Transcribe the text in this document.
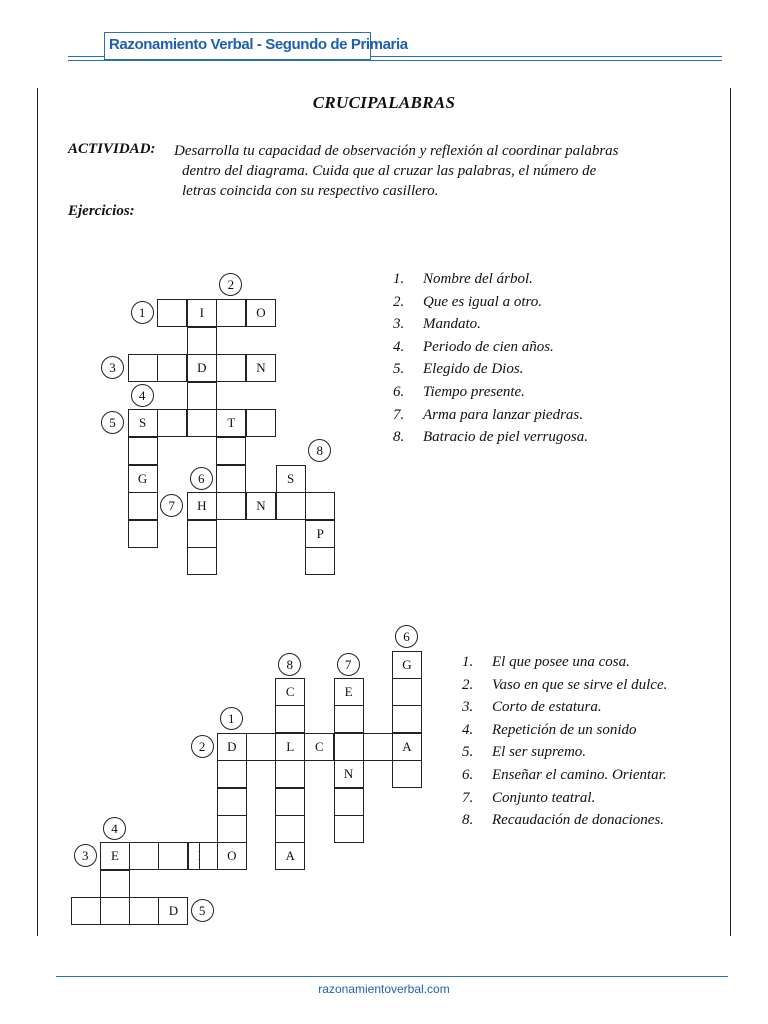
Razonamiento Verbal - Segundo de Primaria
CRUCIPALABRAS
ACTIVIDAD: Desarrolla tu capacidad de observación y reflexión al coordinar palabras

dentro del diagrama. Cuida que al cruzar las palabras, el número de

letras coincida con su respectivo casillero.

Ejercicios:
I	O
D	N
S	T
G	S
H	N
P
2
1
3
4
5
8
6
7
1. Nombre del árbol.
2. Que es igual a otro.
3. Mandato.
4. Periodo de cien años.
5. Elegido de Dios.
6. Tiempo presente.
7. Arma para lanzar piedras.
8. Batracio de piel verrugosa.
C	E
G
D	L	C	A
N
E	O	A
D
6
8	7
1
2
4
3
5
1. El que posee una cosa.
2. Vaso en que se sirve el dulce.
3. Corto de estatura.
4. Repetición de un sonido
5. El ser supremo.
6. Enseñar el camino. Orientar.
7. Conjunto teatral.
8. Recaudación de donaciones.
razonamientoverbal.com
